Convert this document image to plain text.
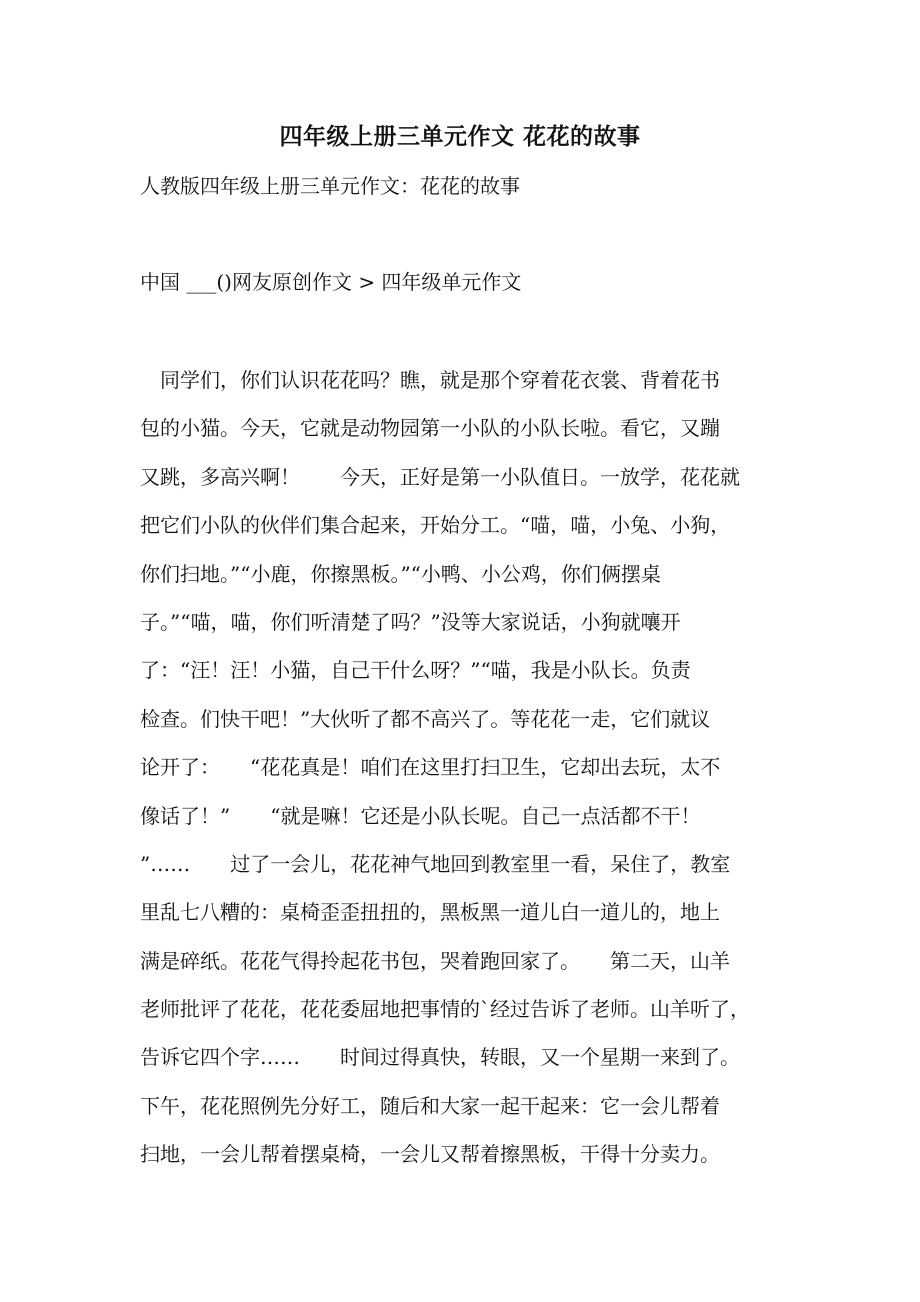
四年级上册三单元作文 花花的故事
人教版四年级上册三单元作文：花花的故事
中国 ___()网友原创作文 > 四年级单元作文
　同学们，你们认识花花吗？瞧，就是那个穿着花衣裳、背着花书
包的小猫。今天，它就是动物园第一小队的小队长啦。看它，又蹦
又跳，多高兴啊！　　今天，正好是第一小队值日。一放学，花花就
把它们小队的伙伴们集合起来，开始分工。“喵，喵，小兔、小狗，
你们扫地。”“小鹿，你擦黑板。”“小鸭、小公鸡，你们俩摆桌
子。”“喵，喵，你们听清楚了吗？”没等大家说话，小狗就嚷开
了：“汪！汪！小猫，自己干什么呀？”“喵，我是小队长。负责
检查。们快干吧！”大伙听了都不高兴了。等花花一走，它们就议
论开了：　　“花花真是！咱们在这里打扫卫生，它却出去玩，太不
像话了！”　　“就是嘛！它还是小队长呢。自己一点活都不干！
”……　　过了一会儿，花花神气地回到教室里一看，呆住了，教室
里乱七八糟的：桌椅歪歪扭扭的，黑板黑一道儿白一道儿的，地上
满是碎纸。花花气得拎起花书包，哭着跑回家了。　　第二天，山羊
老师批评了花花，花花委屈地把事情的`经过告诉了老师。山羊听了，
告诉它四个字……　　时间过得真快，转眼，又一个星期一来到了。
下午，花花照例先分好工，随后和大家一起干起来：它一会儿帮着
扫地，一会儿帮着摆桌椅，一会儿又帮着擦黑板，干得十分卖力。
